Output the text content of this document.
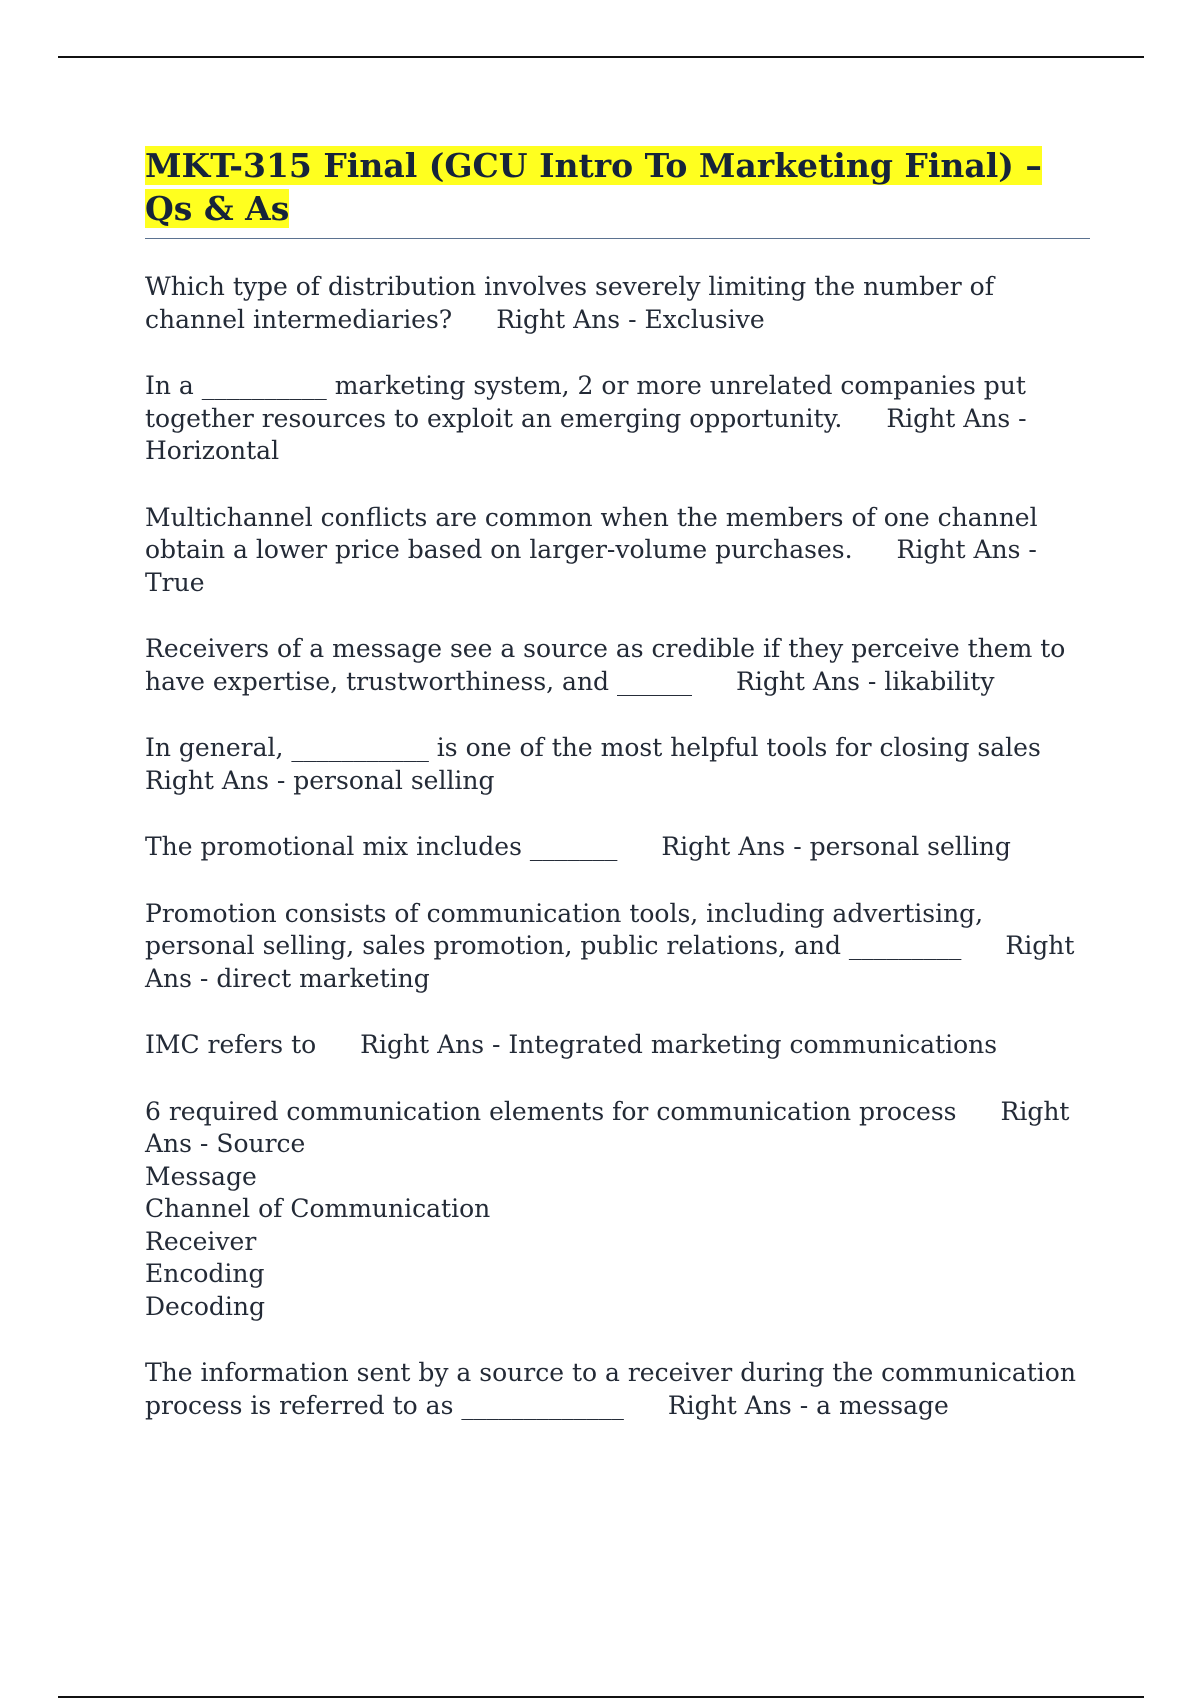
MKT-315 Final (GCU Intro To Marketing Final) – Qs & As

Which type of distribution involves severely limiting the number of channel intermediaries? Right Ans - Exclusive

In a __________ marketing system, 2 or more unrelated companies put together resources to exploit an emerging opportunity. Right Ans - Horizontal

Multichannel conflicts are common when the members of one channel obtain a lower price based on larger-volume purchases. Right Ans - True

Receivers of a message see a source as credible if they perceive them to have expertise, trustworthiness, and ______ Right Ans - likability

In general, ___________ is one of the most helpful tools for closing salesRight Ans - personal selling

The promotional mix includes _______ Right Ans - personal selling

Promotion consists of communication tools, including advertising, personal selling, sales promotion, public relations, and _________ Right Ans - direct marketing

IMC refers to Right Ans - Integrated marketing communications

6 required communication elements for communication process Right Ans - Source
Message
Channel of Communication
Receiver
Encoding
Decoding

The information sent by a source to a receiver during the communication process is referred to as _____________ Right Ans - a message
